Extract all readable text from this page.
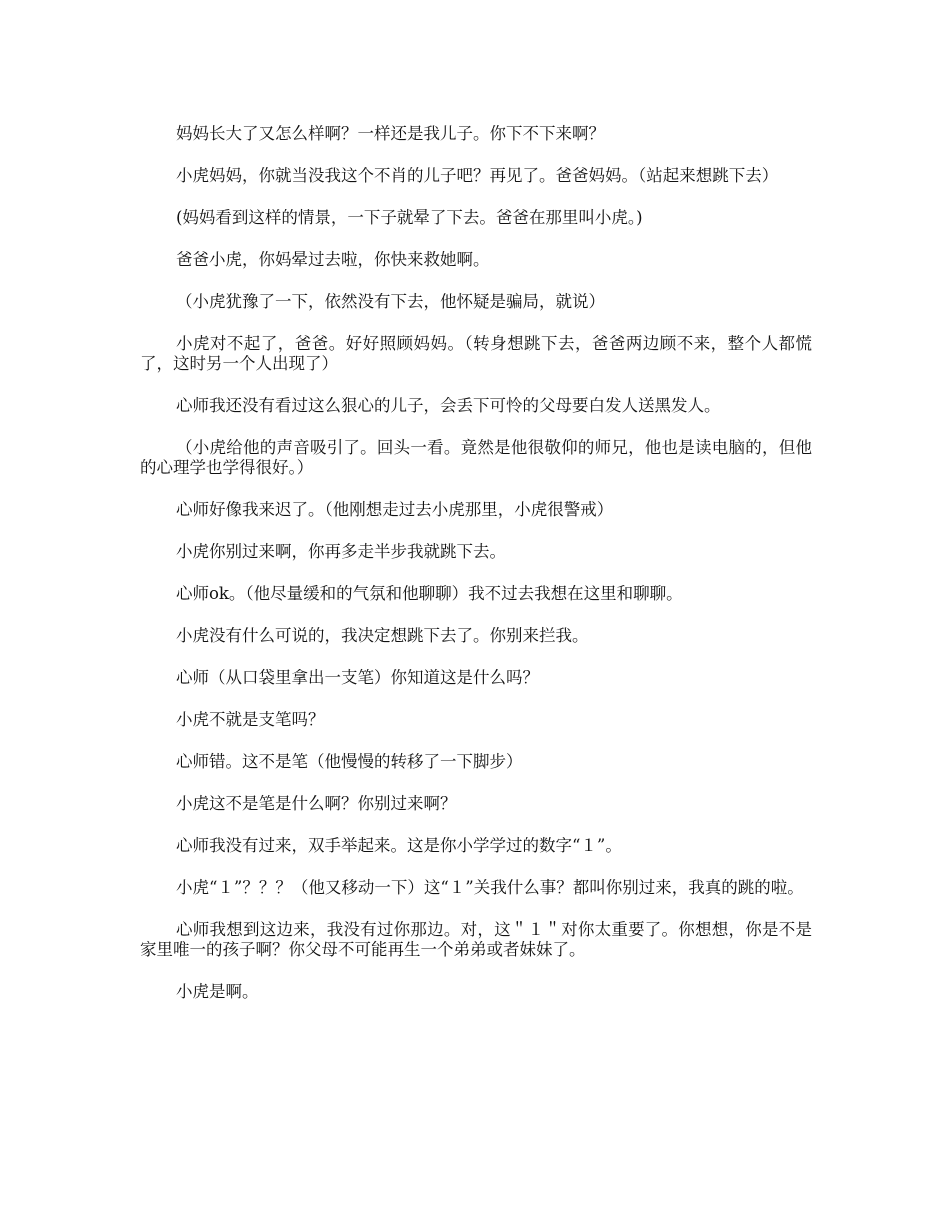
妈妈长大了又怎么样啊？一样还是我儿子。你下不下来啊？

小虎妈妈，你就当没我这个不肖的儿子吧？再见了。爸爸妈妈。（站起来想跳下去）

(妈妈看到这样的情景，一下子就晕了下去。爸爸在那里叫小虎。)

爸爸小虎，你妈晕过去啦，你快来救她啊。

（小虎犹豫了一下，依然没有下去，他怀疑是骗局，就说）

小虎对不起了，爸爸。好好照顾妈妈。（转身想跳下去，爸爸两边顾不来，整个人都慌了，这时另一个人出现了）

心师我还没有看过这么狠心的儿子，会丢下可怜的父母要白发人送黑发人。

（小虎给他的声音吸引了。回头一看。竟然是他很敬仰的师兄，他也是读电脑的，但他的心理学也学得很好。）

心师好像我来迟了。（他刚想走过去小虎那里，小虎很警戒）

小虎你别过来啊，你再多走半步我就跳下去。

心师ok。（他尽量缓和的气氛和他聊聊）我不过去我想在这里和聊聊。

小虎没有什么可说的，我决定想跳下去了。你别来拦我。

心师（从口袋里拿出一支笔）你知道这是什么吗？

小虎不就是支笔吗？

心师错。这不是笔（他慢慢的转移了一下脚步）

小虎这不是笔是什么啊？你别过来啊？

心师我没有过来，双手举起来。这是你小学学过的数字“１”。

小虎“１”？？？（他又移动一下）这“１”关我什么事？都叫你别过来，我真的跳的啦。

心师我想到这边来，我没有过你那边。对，这＂１＂对你太重要了。你想想，你是不是家里唯一的孩子啊？你父母不可能再生一个弟弟或者妹妹了。

小虎是啊。
